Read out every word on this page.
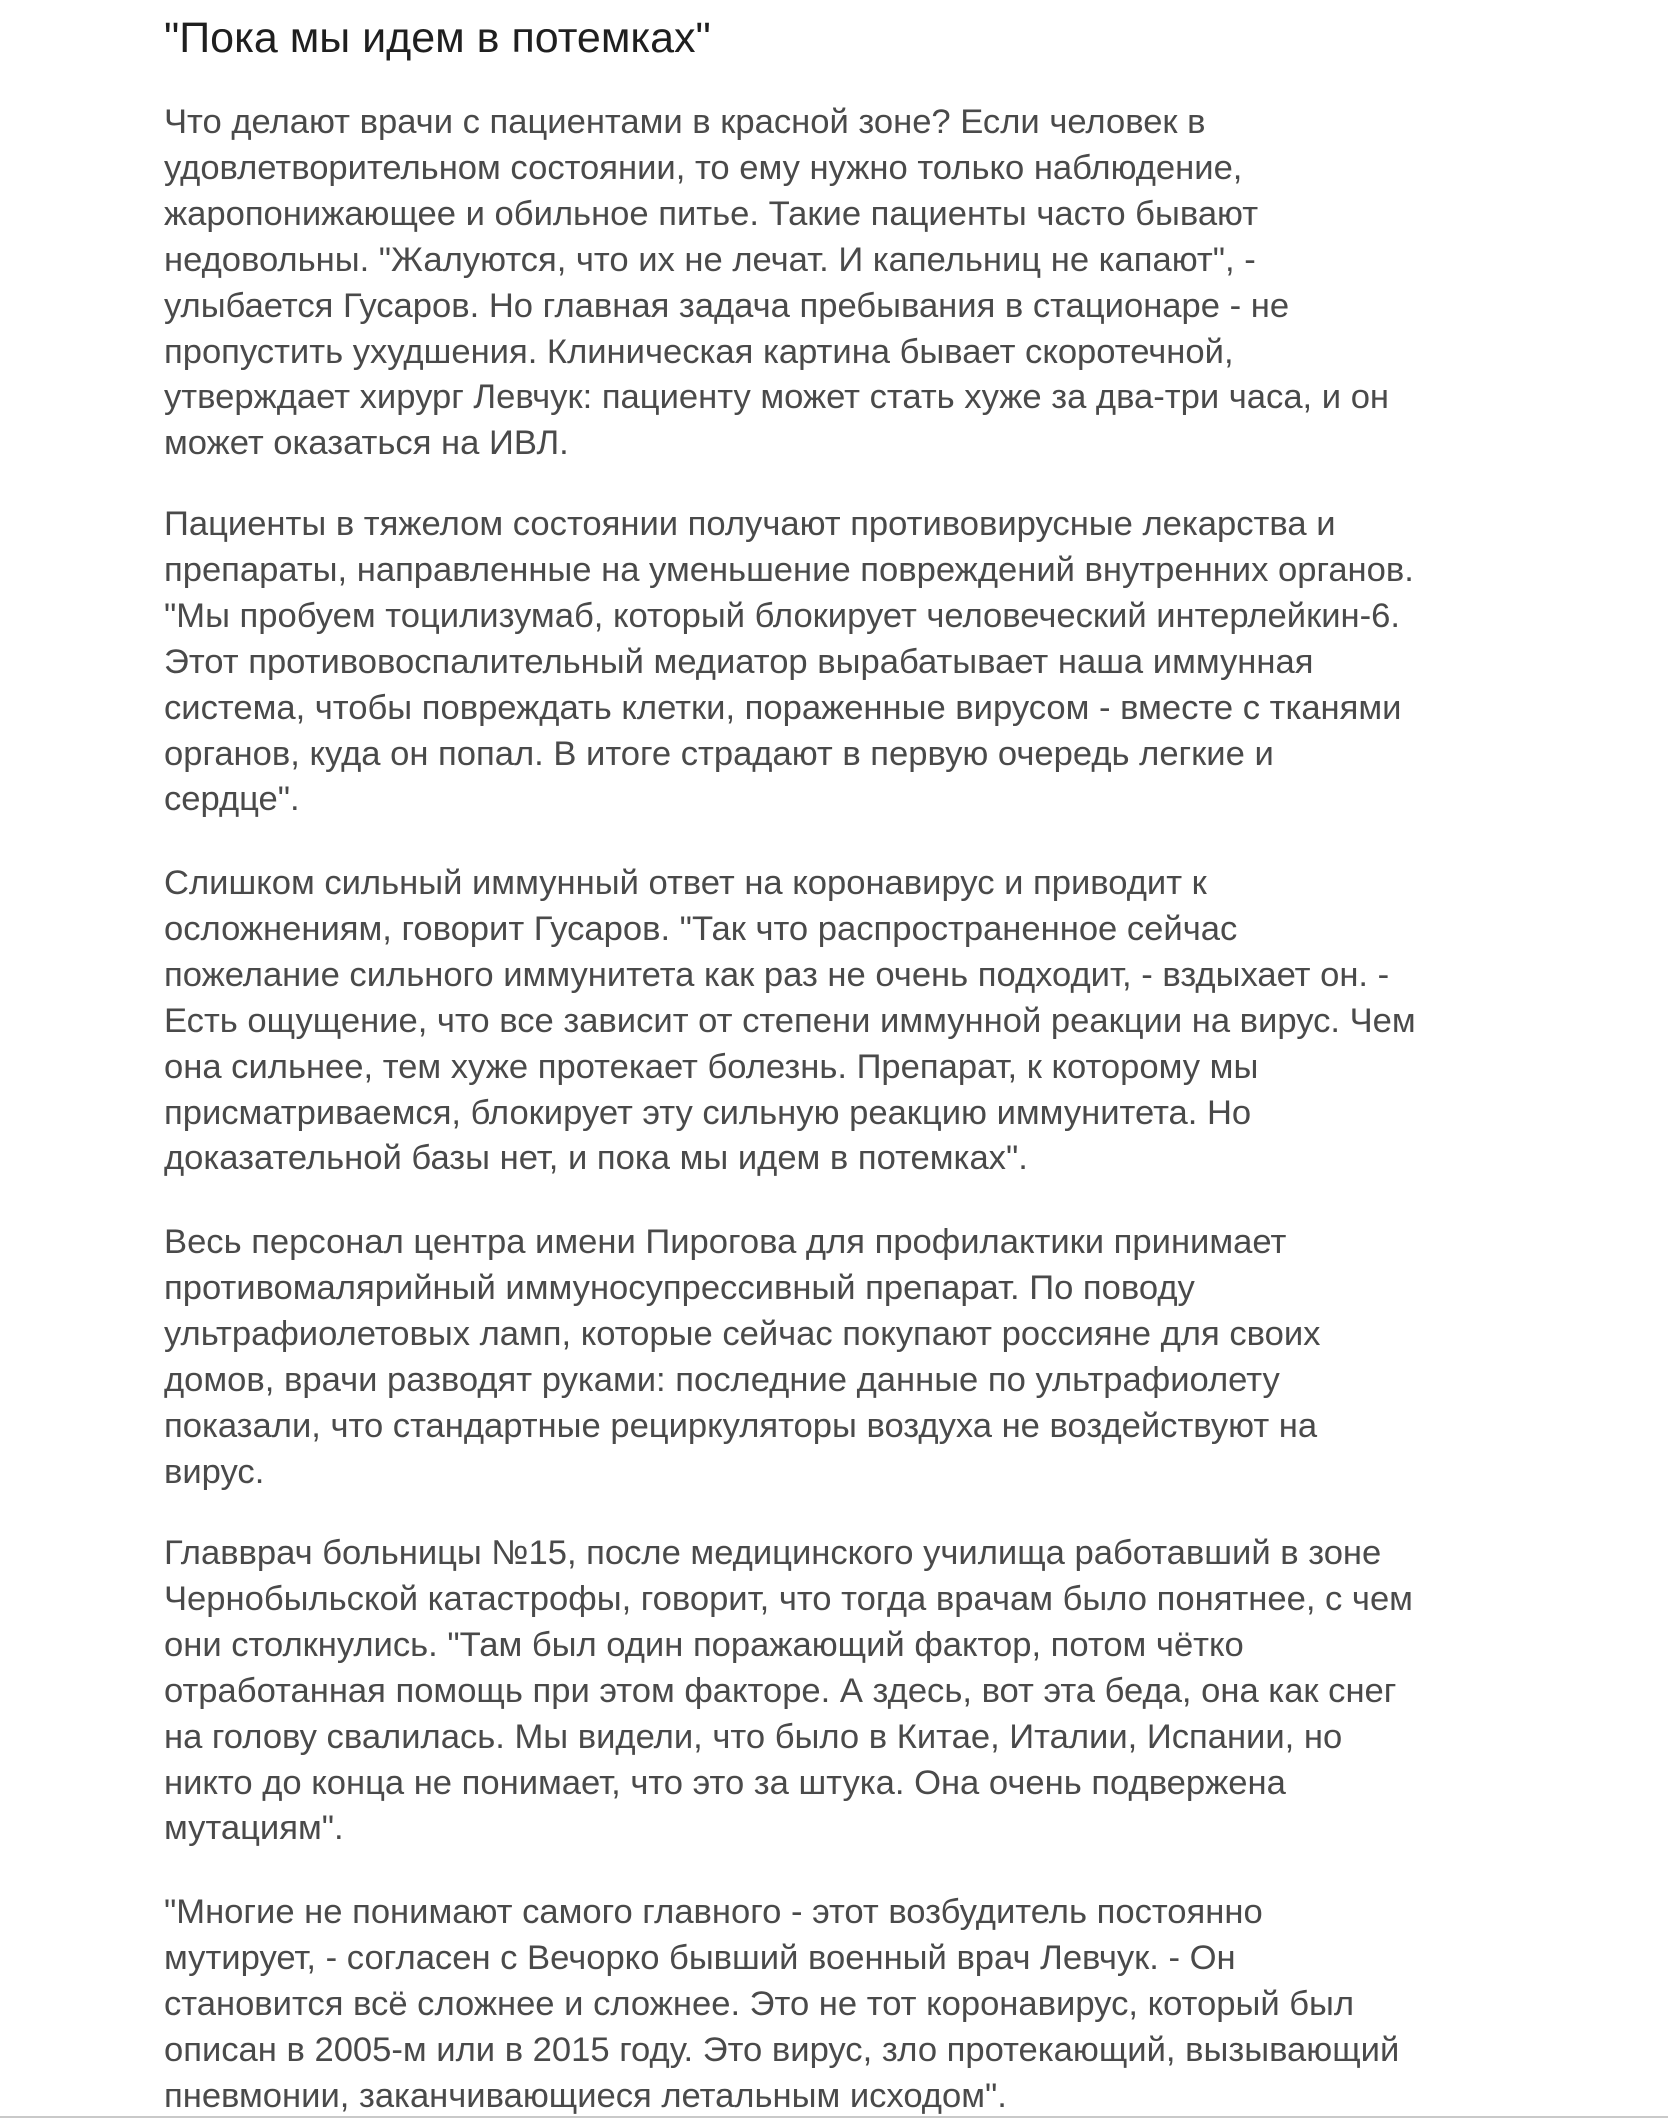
"Пока мы идем в потемках"

Что делают врачи с пациентами в красной зоне? Если человек в
удовлетворительном состоянии, то ему нужно только наблюдение,
жаропонижающее и обильное питье. Такие пациенты часто бывают
недовольны. "Жалуются, что их не лечат. И капельниц не капают", -
улыбается Гусаров. Но главная задача пребывания в стационаре - не
пропустить ухудшения. Клиническая картина бывает скоротечной,
утверждает хирург Левчук: пациенту может стать хуже за два-три часа, и он
может оказаться на ИВЛ.

Пациенты в тяжелом состоянии получают противовирусные лекарства и
препараты, направленные на уменьшение повреждений внутренних органов.
"Мы пробуем тоцилизумаб, который блокирует человеческий интерлейкин-6.
Этот противовоспалительный медиатор вырабатывает наша иммунная
система, чтобы повреждать клетки, пораженные вирусом - вместе с тканями
органов, куда он попал. В итоге страдают в первую очередь легкие и
сердце".

Слишком сильный иммунный ответ на коронавирус и приводит к
осложнениям, говорит Гусаров. "Так что распространенное сейчас
пожелание сильного иммунитета как раз не очень подходит, - вздыхает он. -
Есть ощущение, что все зависит от степени иммунной реакции на вирус. Чем
она сильнее, тем хуже протекает болезнь. Препарат, к которому мы
присматриваемся, блокирует эту сильную реакцию иммунитета. Но
доказательной базы нет, и пока мы идем в потемках".

Весь персонал центра имени Пирогова для профилактики принимает
противомалярийный иммуносупрессивный препарат. По поводу
ультрафиолетовых ламп, которые сейчас покупают россияне для своих
домов, врачи разводят руками: последние данные по ультрафиолету
показали, что стандартные рециркуляторы воздуха не воздействуют на
вирус.

Главврач больницы №15, после медицинского училища работавший в зоне
Чернобыльской катастрофы, говорит, что тогда врачам было понятнее, с чем
они столкнулись. "Там был один поражающий фактор, потом чётко
отработанная помощь при этом факторе. А здесь, вот эта беда, она как снег
на голову свалилась. Мы видели, что было в Китае, Италии, Испании, но
никто до конца не понимает, что это за штука. Она очень подвержена
мутациям".

"Многие не понимают самого главного - этот возбудитель постоянно
мутирует, - согласен с Вечорко бывший военный врач Левчук. - Он
становится всё сложнее и сложнее. Это не тот коронавирус, который был
описан в 2005-м или в 2015 году. Это вирус, зло протекающий, вызывающий
пневмонии, заканчивающиеся летальным исходом".
